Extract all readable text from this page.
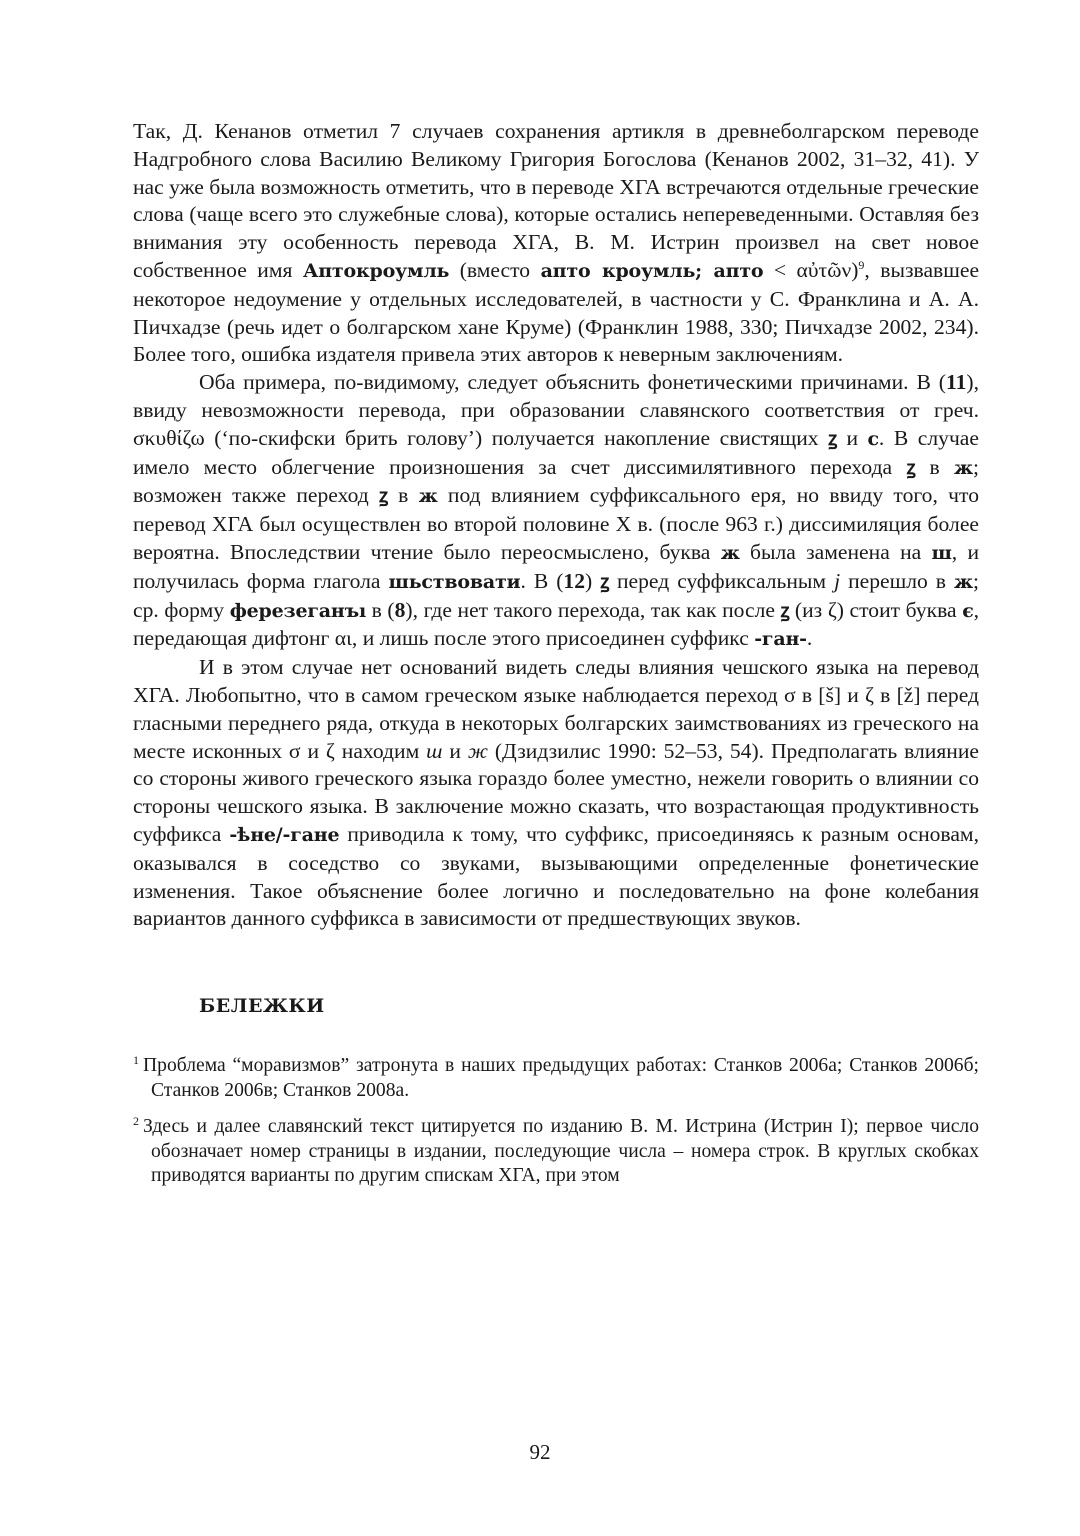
Так, Д. Кенанов отметил 7 случаев сохранения артикля в древнеболгарском переводе Надгробного слова Василию Великому Григория Богослова (Кенанов 2002, 31–32, 41). У нас уже была возможность отметить, что в переводе ХГА встречаются отдельные греческие слова (чаще всего это служебные слова), которые остались непереведенными. Оставляя без внимания эту особенность перевода ХГА, В. М. Истрин произвел на свет новое собственное имя Аптокроумль (вместо апто кроумль; апто < αὐτῶν)$^9$, вызвавшее некоторое недоумение у отдельных исследователей, в частности у С. Франклина и А. А. Пичхадзе (речь идет о болгарском хане Круме) (Франклин 1988, 330; Пичхадзе 2002, 234). Более того, ошибка издателя привела этих авторов к неверным заключениям.

Оба примера, по-видимому, следует объяснить фонетическими причинами. В (11), ввиду невозможности перевода, при образовании славянского соответствия от греч. σκυθίζω (‘по-скифски брить голову’) получается накопление свистящих ꙁ и с. В случае имело место облегчение произношения за счет диссимилятивного перехода ꙁ в ж; возможен также переход ꙁ в ж под влиянием суффиксального еря, но ввиду того, что перевод ХГА был осуществлен во второй половине Х в. (после 963 г.) диссимиляция более вероятна. Впоследствии чтение было переосмыслено, буква ж была заменена на ш, и получилась форма глагола шьствовати. В (12) ꙁ перед суффиксальным j перешло в ж; ср. форму ферезеганъı в (8), где нет такого перехода, так как после ꙁ (из ζ) стоит буква є, передающая дифтонг αι, и лишь после этого присоединен суффикс -ган-.

И в этом случае нет оснований видеть следы влияния чешского языка на перевод ХГА. Любопытно, что в самом греческом языке наблюдается переход σ в [š] и ζ в [ž] перед гласными переднего ряда, откуда в некоторых болгарских заимствованиях из греческого на месте исконных σ и ζ находим ш и ж (Дзидзилис 1990: 52–53, 54). Предполагать влияние со стороны живого греческого языка гораздо более уместно, нежели говорить о влиянии со стороны чешского языка. В заключение можно сказать, что возрастающая продуктивность суффикса -ѣне/-гане приводила к тому, что суффикс, присоединяясь к разным основам, оказывался в соседство со звуками, вызывающими определенные фонетические изменения. Такое объяснение более логично и последовательно на фоне колебания вариантов данного суффикса в зависимости от предшествующих звуков.

БЕЛЕЖКИ

$^1$ Проблема “моравизмов” затронута в наших предыдущих работах: Станков 2006а; Станков 2006б; Станков 2006в; Станков 2008а.

$^2$ Здесь и далее славянский текст цитируется по изданию В. М. Истрина (Истрин I); первое число обозначает номер страницы в издании, последующие числа – номера строк. В круглых скобках приводятся варианты по другим спискам ХГА, при этом

92
